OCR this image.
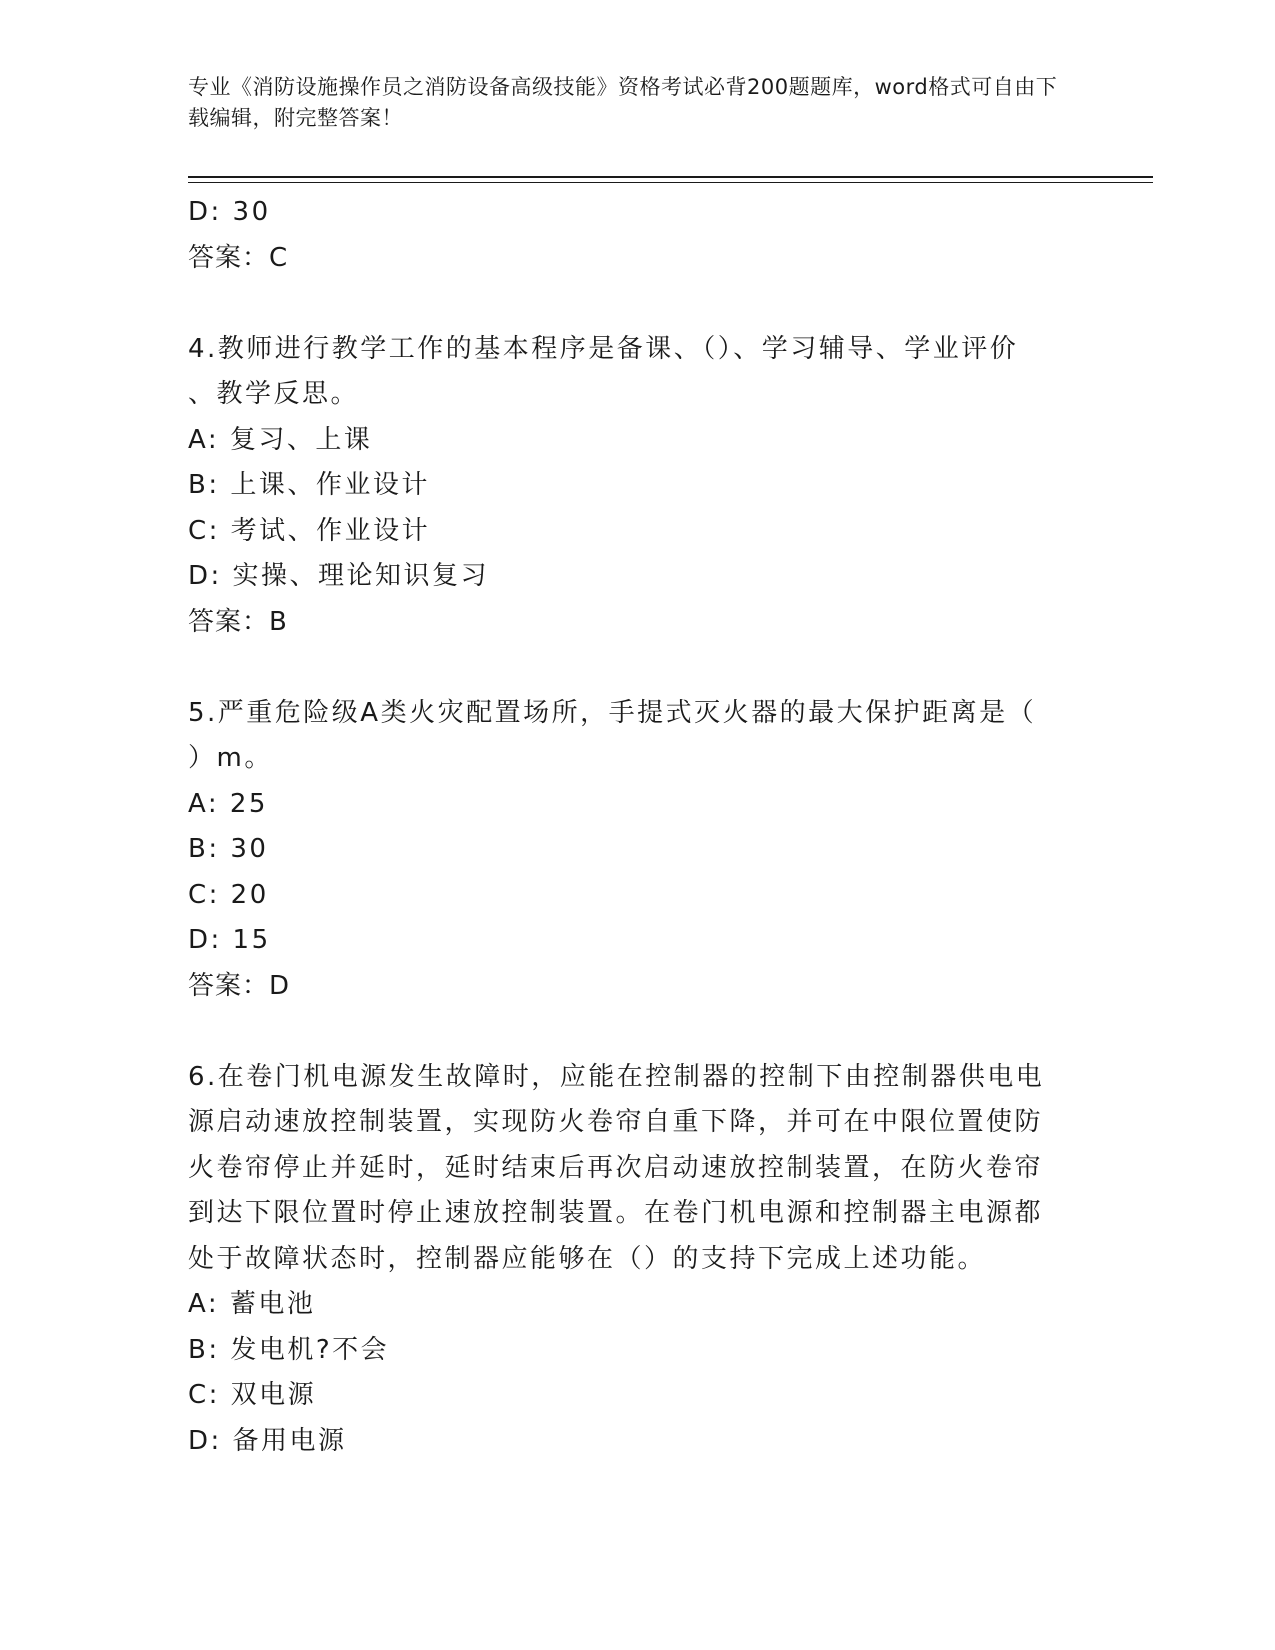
专业《消防设施操作员之消防设备高级技能》资格考试必背200题题库，word格式可自由下载编辑，附完整答案！
D: 30
答案：C
4.教师进行教学工作的基本程序是备课、（）、学习辅导、学业评价
、教学反思。
A: 复习、上课
B: 上课、作业设计
C: 考试、作业设计
D: 实操、理论知识复习
答案：B
5.严重危险级A类火灾配置场所，手提式灭火器的最大保护距离是（
）m。
A: 25
B: 30
C: 20
D: 15
答案：D
6.在卷门机电源发生故障时，应能在控制器的控制下由控制器供电电
源启动速放控制装置，实现防火卷帘自重下降，并可在中限位置使防
火卷帘停止并延时，延时结束后再次启动速放控制装置，在防火卷帘
到达下限位置时停止速放控制装置。在卷门机电源和控制器主电源都
处于故障状态时，控制器应能够在（）的支持下完成上述功能。
A: 蓄电池
B: 发电机?不会
C: 双电源
D: 备用电源
